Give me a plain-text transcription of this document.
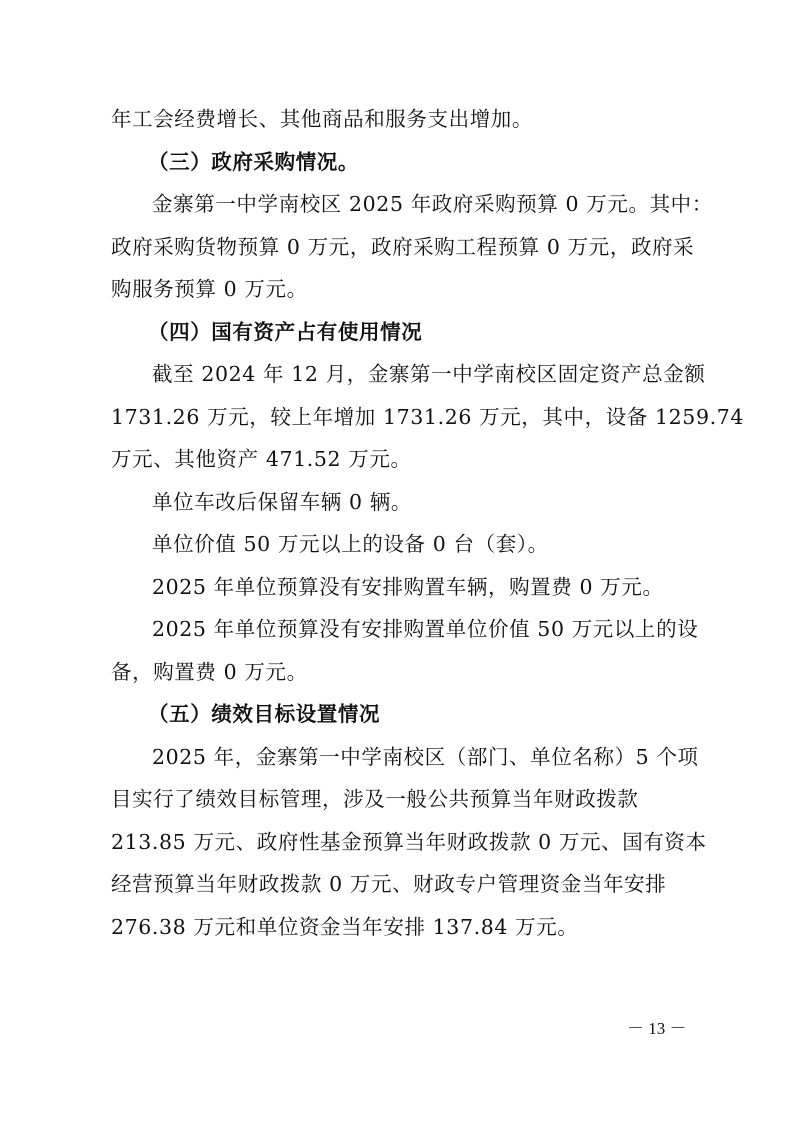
年工会经费增长、其他商品和服务支出增加。
（三）政府采购情况。
金寨第一中学南校区 2025 年政府采购预算 0 万元。其中：
政府采购货物预算 0 万元，政府采购工程预算 0 万元，政府采
购服务预算 0 万元。
（四）国有资产占有使用情况
截至 2024 年 12 月，金寨第一中学南校区固定资产总金额
1731.26 万元，较上年增加 1731.26 万元，其中，设备 1259.74
万元、其他资产 471.52 万元。
单位车改后保留车辆 0 辆。
单位价值 50 万元以上的设备 0 台（套）。
2025 年单位预算没有安排购置车辆，购置费 0 万元。
2025 年单位预算没有安排购置单位价值 50 万元以上的设
备，购置费 0 万元。
（五）绩效目标设置情况
2025 年，金寨第一中学南校区（部门、单位名称）5 个项
目实行了绩效目标管理，涉及一般公共预算当年财政拨款
213.85 万元、政府性基金预算当年财政拨款 0 万元、国有资本
经营预算当年财政拨款 0 万元、财政专户管理资金当年安排
276.38 万元和单位资金当年安排 137.84 万元。
－ 13 －
